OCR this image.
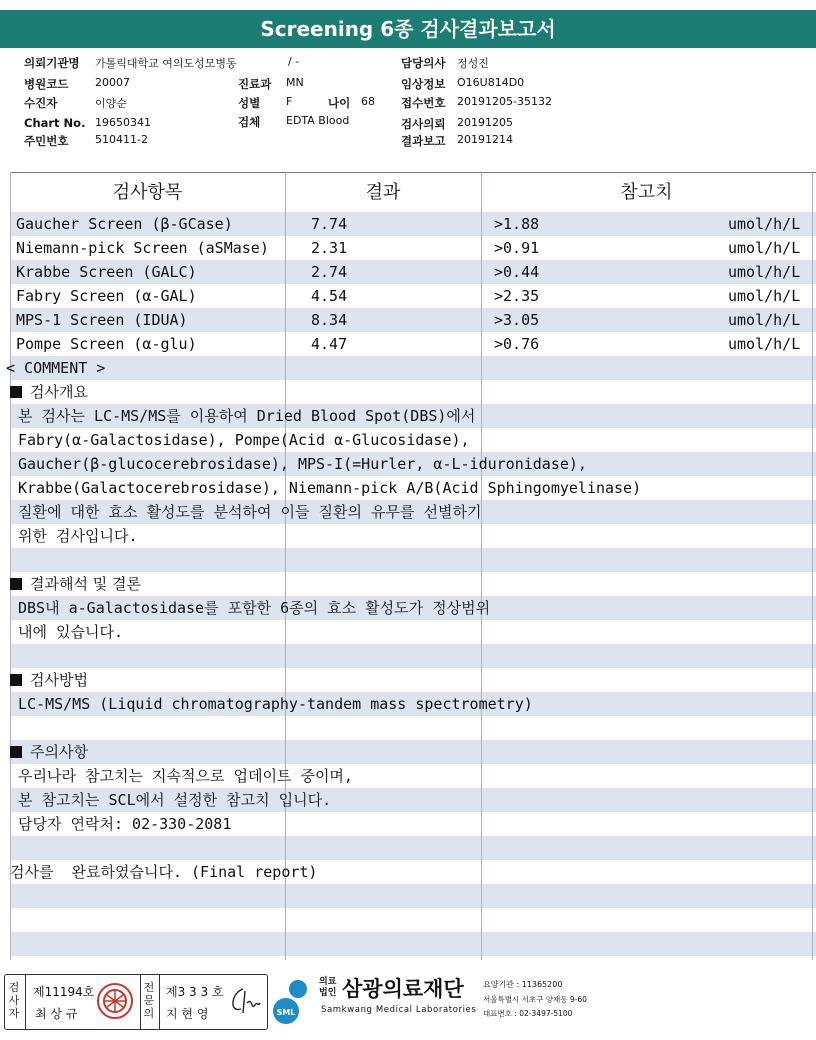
Screening 6종 검사결과보고서
의뢰기관명 가톨릭대학교 여의도성모병동
병원코드 20007
수진자	이양순
Chart No. 19650341
주민번호 510411-2
/ -
진료과 MN
성별 F	나이 68
검체 EDTA Blood
담당의사 정성진
임상정보 O16U814D0
접수번호 20191205-35132
검사의뢰 20191205
결과보고 20191214
검사항목	결과	참고치
Gaucher Screen (β-GCase)	7.74	>1.88	umol/h/L
Niemann-pick Screen (aSMase)	2.31	>0.91	umol/h/L
Krabbe Screen (GALC)	2.74	>0.44	umol/h/L
Fabry Screen (α-GAL)	4.54	>2.35	umol/h/L
MPS-1 Screen (IDUA)	8.34	>3.05	umol/h/L
Pompe Screen (α-glu)	4.47	>0.76	umol/h/L
< COMMENT >
검사개요
본 검사는 LC-MS/MS를 이용하여 Dried Blood Spot(DBS)에서
Fabry(α-Galactosidase), Pompe(Acid α-Glucosidase),
Gaucher(β-glucocerebrosidase), MPS-I(=Hurler, α-L-iduronidase),
Krabbe(Galactocerebrosidase), Niemann-pick A/B(Acid Sphingomyelinase)
질환에 대한 효소 활성도를 분석하여 이들 질환의 유무를 선별하기
위한 검사입니다.
결과해석 및 결론
DBS내 a-Galactosidase를 포함한 6종의 효소 활성도가 정상범위
내에 있습니다.
검사방법
LC-MS/MS (Liquid chromatography-tandem mass spectrometry)
주의사항
우리나라 참고치는 지속적으로 업데이트 중이며,
본 참고치는 SCL에서 설정한 참고치 입니다.
담당자 연락처: 02-330-2081
검사를  완료하였습니다. (Final report)
검사자
제11194호
최 상 규
전문의
제3 3 3 호
지 현 영	SML
의료
법인 삼광의료재단
Samkwang Medical Laboratories
요양기관 : 11365200
서울특별시 서초구 양재동 9-60
대표번호 : 02-3497-5100
